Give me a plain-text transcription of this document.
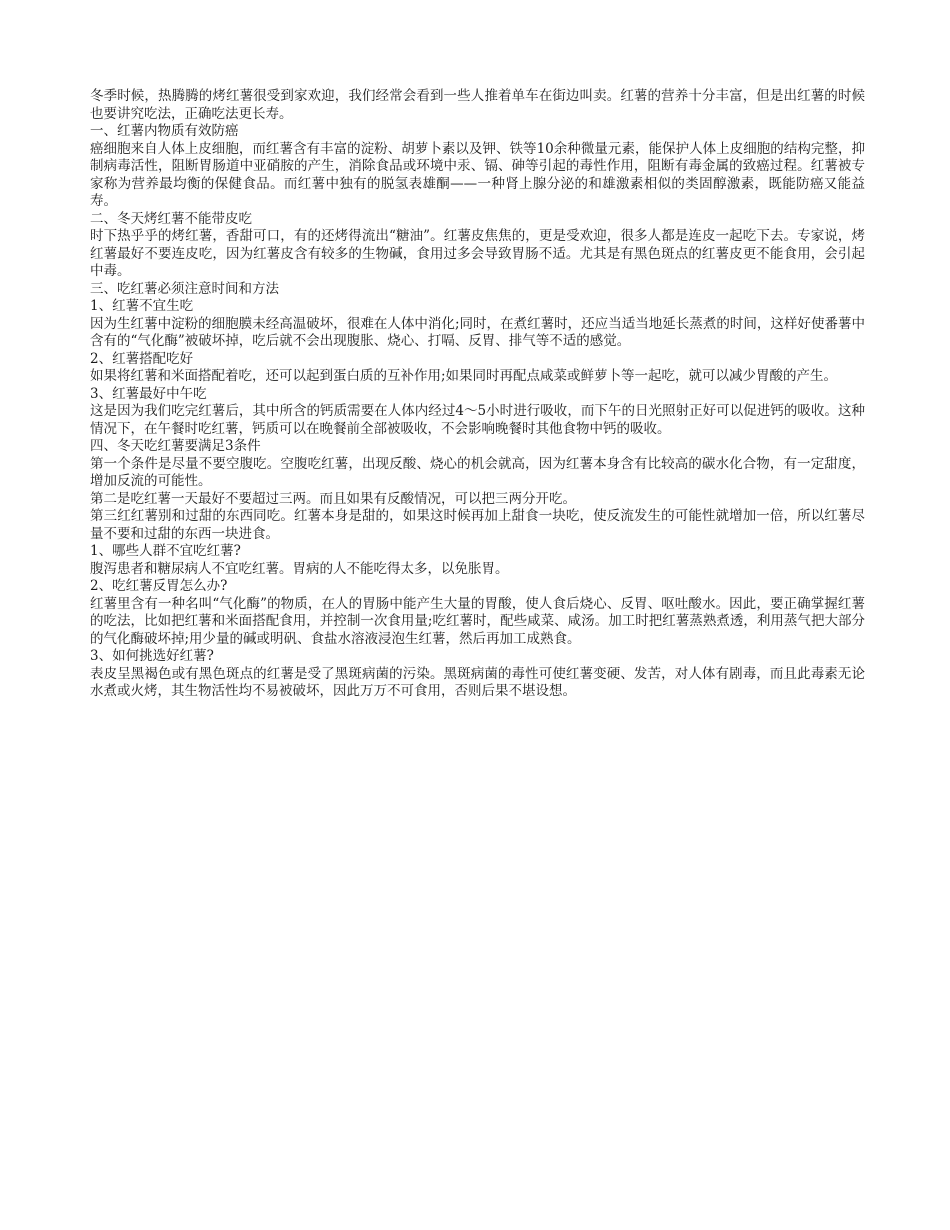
冬季时候，热腾腾的烤红薯很受到家欢迎，我们经常会看到一些人推着单车在街边叫卖。红薯的营养十分丰富，但是出红薯的时候也要讲究吃法，正确吃法更长寿。

一、红薯内物质有效防癌

癌细胞来自人体上皮细胞，而红薯含有丰富的淀粉、胡萝卜素以及钾、铁等10余种微量元素，能保护人体上皮细胞的结构完整，抑制病毒活性，阻断胃肠道中亚硝胺的产生，消除食品或环境中汞、镉、砷等引起的毒性作用，阻断有毒金属的致癌过程。红薯被专家称为营养最均衡的保健食品。而红薯中独有的脱氢表雄酮——一种肾上腺分泌的和雄激素相似的类固醇激素，既能防癌又能益寿。

二、冬天烤红薯不能带皮吃

时下热乎乎的烤红薯，香甜可口，有的还烤得流出“糖油”。红薯皮焦焦的，更是受欢迎，很多人都是连皮一起吃下去。专家说，烤红薯最好不要连皮吃，因为红薯皮含有较多的生物碱，食用过多会导致胃肠不适。尤其是有黑色斑点的红薯皮更不能食用，会引起中毒。

三、吃红薯必须注意时间和方法

1、红薯不宜生吃

因为生红薯中淀粉的细胞膜未经高温破坏，很难在人体中消化;同时，在煮红薯时，还应当适当地延长蒸煮的时间，这样好使番薯中含有的“气化酶”被破坏掉，吃后就不会出现腹胀、烧心、打嗝、反胃、排气等不适的感觉。

2、红薯搭配吃好

如果将红薯和米面搭配着吃，还可以起到蛋白质的互补作用;如果同时再配点咸菜或鲜萝卜等一起吃，就可以减少胃酸的产生。

3、红薯最好中午吃

这是因为我们吃完红薯后，其中所含的钙质需要在人体内经过4～5小时进行吸收，而下午的日光照射正好可以促进钙的吸收。这种情况下，在午餐时吃红薯，钙质可以在晚餐前全部被吸收，不会影响晚餐时其他食物中钙的吸收。

四、冬天吃红薯要满足3条件

第一个条件是尽量不要空腹吃。空腹吃红薯，出现反酸、烧心的机会就高，因为红薯本身含有比较高的碳水化合物，有一定甜度，增加反流的可能性。

第二是吃红薯一天最好不要超过三两。而且如果有反酸情况，可以把三两分开吃。

第三红红薯别和过甜的东西同吃。红薯本身是甜的，如果这时候再加上甜食一块吃，使反流发生的可能性就增加一倍，所以红薯尽量不要和过甜的东西一块进食。

1、哪些人群不宜吃红薯?

腹泻患者和糖尿病人不宜吃红薯。胃病的人不能吃得太多，以免胀胃。

2、吃红薯反胃怎么办?

红薯里含有一种名叫“气化酶”的物质，在人的胃肠中能产生大量的胃酸，使人食后烧心、反胃、呕吐酸水。因此，要正确掌握红薯的吃法，比如把红薯和米面搭配食用，并控制一次食用量;吃红薯时，配些咸菜、咸汤。加工时把红薯蒸熟煮透，利用蒸气把大部分的气化酶破坏掉;用少量的碱或明矾、食盐水溶液浸泡生红薯，然后再加工成熟食。

3、如何挑选好红薯?

表皮呈黑褐色或有黑色斑点的红薯是受了黑斑病菌的污染。黑斑病菌的毒性可使红薯变硬、发苦，对人体有剧毒，而且此毒素无论水煮或火烤，其生物活性均不易被破坏，因此万万不可食用，否则后果不堪设想。
